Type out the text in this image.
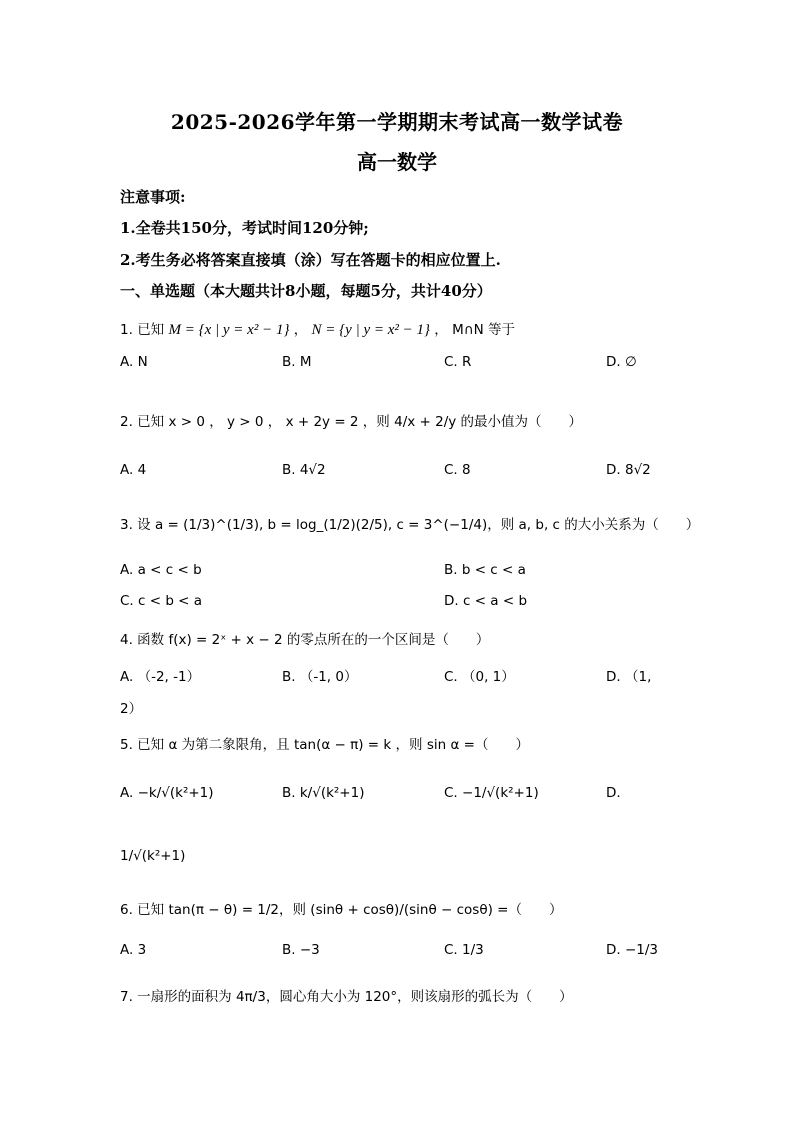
2025-2026学年第一学期期末考试高一数学试卷
高一数学
注意事项:
1.全卷共150分，考试时间120分钟;
2.考生务必将答案直接填（涂）写在答题卡的相应位置上.
一、单选题（本大题共计8小题，每题5分，共计40分）
1. 已知 M = {x | y = x² − 1} ， N = {y | y = x² − 1} ， M∩N 等于
A. N	B. M	C. R	D. ∅
2. 已知 x > 0 ， y > 0 ， x + 2y = 2 ，则 4/x + 2/y 的最小值为（　　）
A. 4	B. 4√2	C. 8	D. 8√2
3. 设 a = (1/3)^(1/3), b = log_(1/2)(2/5), c = 3^(−1/4)，则 a, b, c 的大小关系为（　　）
A. a < c < b	B. b < c < a
C. c < b < a	D. c < a < b
4. 函数 f(x) = 2ˣ + x − 2 的零点所在的一个区间是（　　）
A. （-2, -1）	B. （-1, 0）	C. （0, 1）	D. （1,
2）
5. 已知 α 为第二象限角，且 tan(α − π) = k ，则 sin α =（　　）
A. −k/√(k²+1)	B. k/√(k²+1)	C. −1/√(k²+1)	D.
1/√(k²+1)
6. 已知 tan(π − θ) = 1/2，则 (sinθ + cosθ)/(sinθ − cosθ) =（　　）
A. 3	B. −3	C. 1/3	D. −1/3
7. 一扇形的面积为 4π/3，圆心角大小为 120°，则该扇形的弧长为（　　）
